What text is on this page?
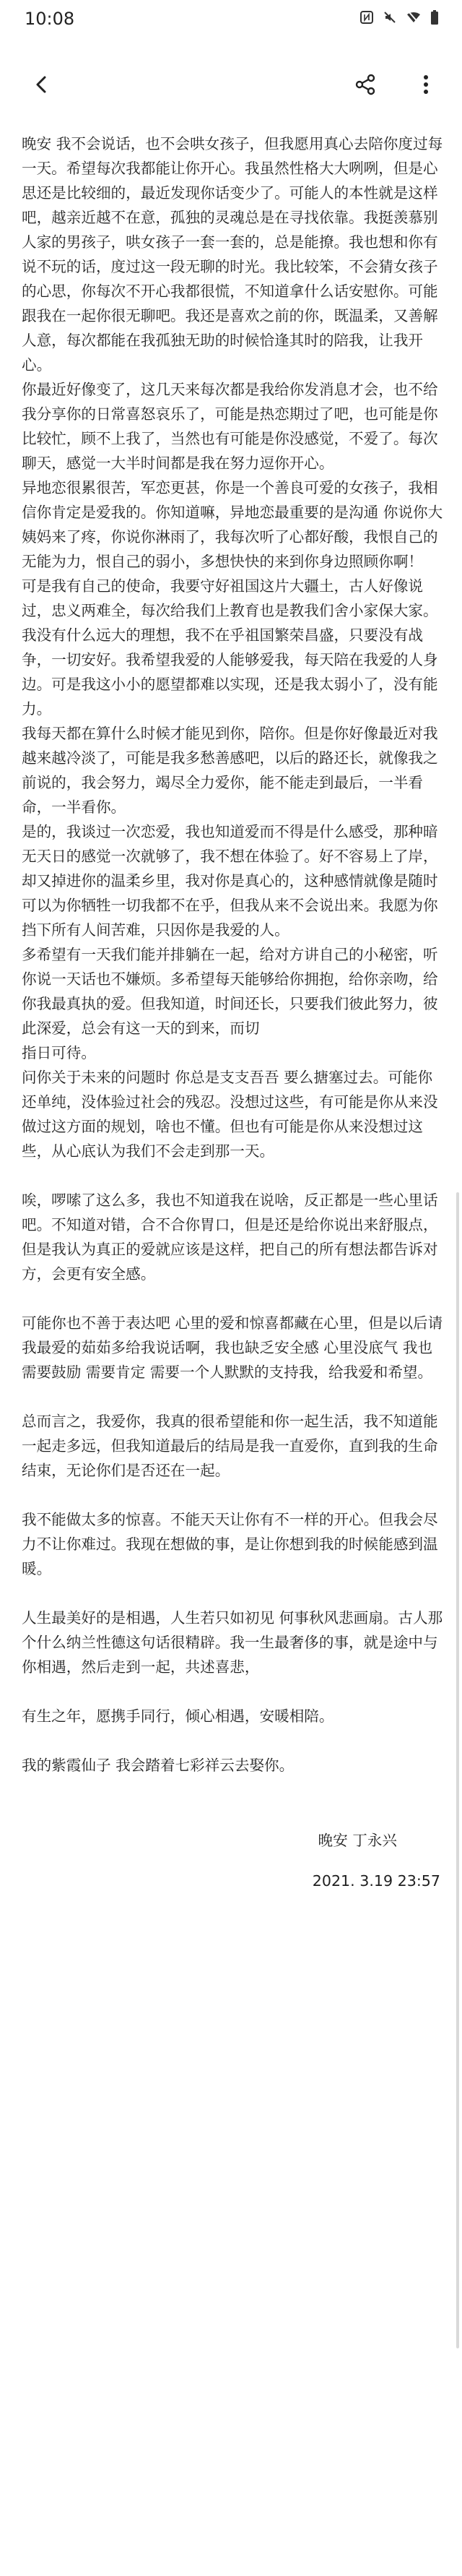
10:08

晚安 我不会说话，也不会哄女孩子，但我愿用真心去陪你度过每一天。希望每次我都能让你开心。我虽然性格大大咧咧，但是心思还是比较细的，最近发现你话变少了。可能人的本性就是这样吧，越亲近越不在意，孤独的灵魂总是在寻找依靠。我挺羡慕别人家的男孩子，哄女孩子一套一套的，总是能撩。我也想和你有说不玩的话，度过这一段无聊的时光。我比较笨，不会猜女孩子的心思，你每次不开心我都很慌，不知道拿什么话安慰你。可能跟我在一起你很无聊吧。我还是喜欢之前的你，既温柔，又善解人意，每次都能在我孤独无助的时候恰逢其时的陪我，让我开心。

你最近好像变了，这几天来每次都是我给你发消息才会，也不给我分享你的日常喜怒哀乐了，可能是热恋期过了吧，也可能是你比较忙，顾不上我了，当然也有可能是你没感觉，不爱了。每次聊天，感觉一大半时间都是我在努力逗你开心。

异地恋很累很苦，军恋更甚，你是一个善良可爱的女孩子，我相信你肯定是爱我的。你知道嘛，异地恋最重要的是沟通 你说你大姨妈来了疼，你说你淋雨了，我每次听了心都好酸，我恨自己的无能为力，恨自己的弱小，多想快快的来到你身边照顾你啊！

可是我有自己的使命，我要守好祖国这片大疆土，古人好像说过，忠义两难全，每次给我们上教育也是教我们舍小家保大家。我没有什么远大的理想，我不在乎祖国繁荣昌盛，只要没有战争，一切安好。我希望我爱的人能够爱我，每天陪在我爱的人身边。可是我这小小的愿望都难以实现，还是我太弱小了，没有能力。

我每天都在算什么时候才能见到你，陪你。但是你好像最近对我越来越冷淡了，可能是我多愁善感吧，以后的路还长，就像我之前说的，我会努力，竭尽全力爱你，能不能走到最后，一半看命，一半看你。

是的，我谈过一次恋爱，我也知道爱而不得是什么感受，那种暗无天日的感觉一次就够了，我不想在体验了。好不容易上了岸，却又掉进你的温柔乡里，我对你是真心的，这种感情就像是随时可以为你牺牲一切我都不在乎，但我从来不会说出来。我愿为你挡下所有人间苦难，只因你是我爱的人。

多希望有一天我们能并排躺在一起，给对方讲自己的小秘密，听你说一天话也不嫌烦。多希望每天能够给你拥抱，给你亲吻，给你我最真执的爱。但我知道，时间还长，只要我们彼此努力，彼此深爱，总会有这一天的到来，而切
指日可待。

问你关于未来的问题时 你总是支支吾吾 要么搪塞过去。可能你还单纯，没体验过社会的残忍。没想过这些，有可能是你从来没做过这方面的规划，啥也不懂。但也有可能是你从来没想过这些，从心底认为我们不会走到那一天。

唉，啰嗦了这么多，我也不知道我在说啥，反正都是一些心里话吧。不知道对错，合不合你胃口，但是还是给你说出来舒服点，但是我认为真正的爱就应该是这样，把自己的所有想法都告诉对方，会更有安全感。

可能你也不善于表达吧 心里的爱和惊喜都藏在心里，但是以后请我最爱的茹茹多给我说话啊，我也缺乏安全感 心里没底气 我也需要鼓励 需要肯定 需要一个人默默的支持我，给我爱和希望。

总而言之，我爱你，我真的很希望能和你一起生活，我不知道能一起走多远，但我知道最后的结局是我一直爱你，直到我的生命结束，无论你们是否还在一起。

我不能做太多的惊喜。不能天天让你有不一样的开心。但我会尽力不让你难过。我现在想做的事，是让你想到我的时候能感到温暖。

人生最美好的是相遇，人生若只如初见 何事秋风悲画扇。古人那个什么纳兰性德这句话很精辟。我一生最奢侈的事，就是途中与你相遇，然后走到一起，共述喜悲，

有生之年，愿携手同行，倾心相遇，安暖相陪。

我的紫霞仙子 我会踏着七彩祥云去娶你。

晚安 丁永兴
2021. 3.19 23:57
